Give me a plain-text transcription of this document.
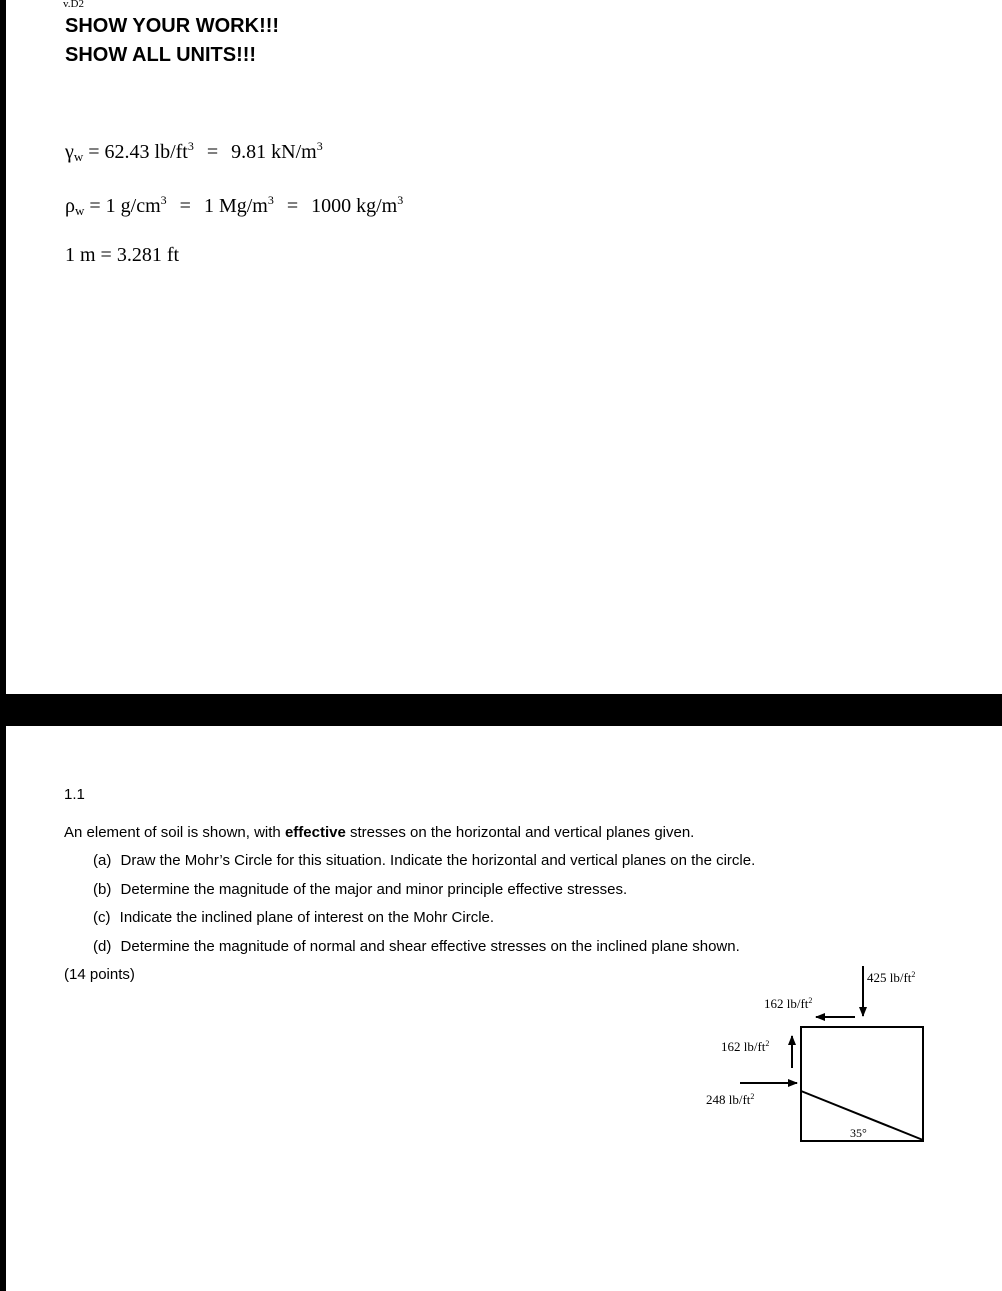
v.D2
SHOW YOUR WORK!!!
SHOW ALL UNITS!!!
$\gamma_w = 62.43$ $lb/ft^3 = 9.81$ $kN/m^3$
$\rho_w = 1$ $g/cm^3 = 1$ $Mg/m^3 = 1000$ $kg/m^3$
1 m = 3.281 ft
1.1
An element of soil is shown, with effective stresses on the horizontal and vertical planes given.
(a) Draw the Mohr’s Circle for this situation. Indicate the horizontal and vertical planes on the circle.
(b) Determine the magnitude of the major and minor principle effective stresses.
(c) Indicate the inclined plane of interest on the Mohr Circle.
(d) Determine the magnitude of normal and shear effective stresses on the inclined plane shown.
(14 points)	425 $lb/ft^2$
162 $lb/ft^2$
162 $lb/ft^2$
248 $lb/ft^2$
35°
